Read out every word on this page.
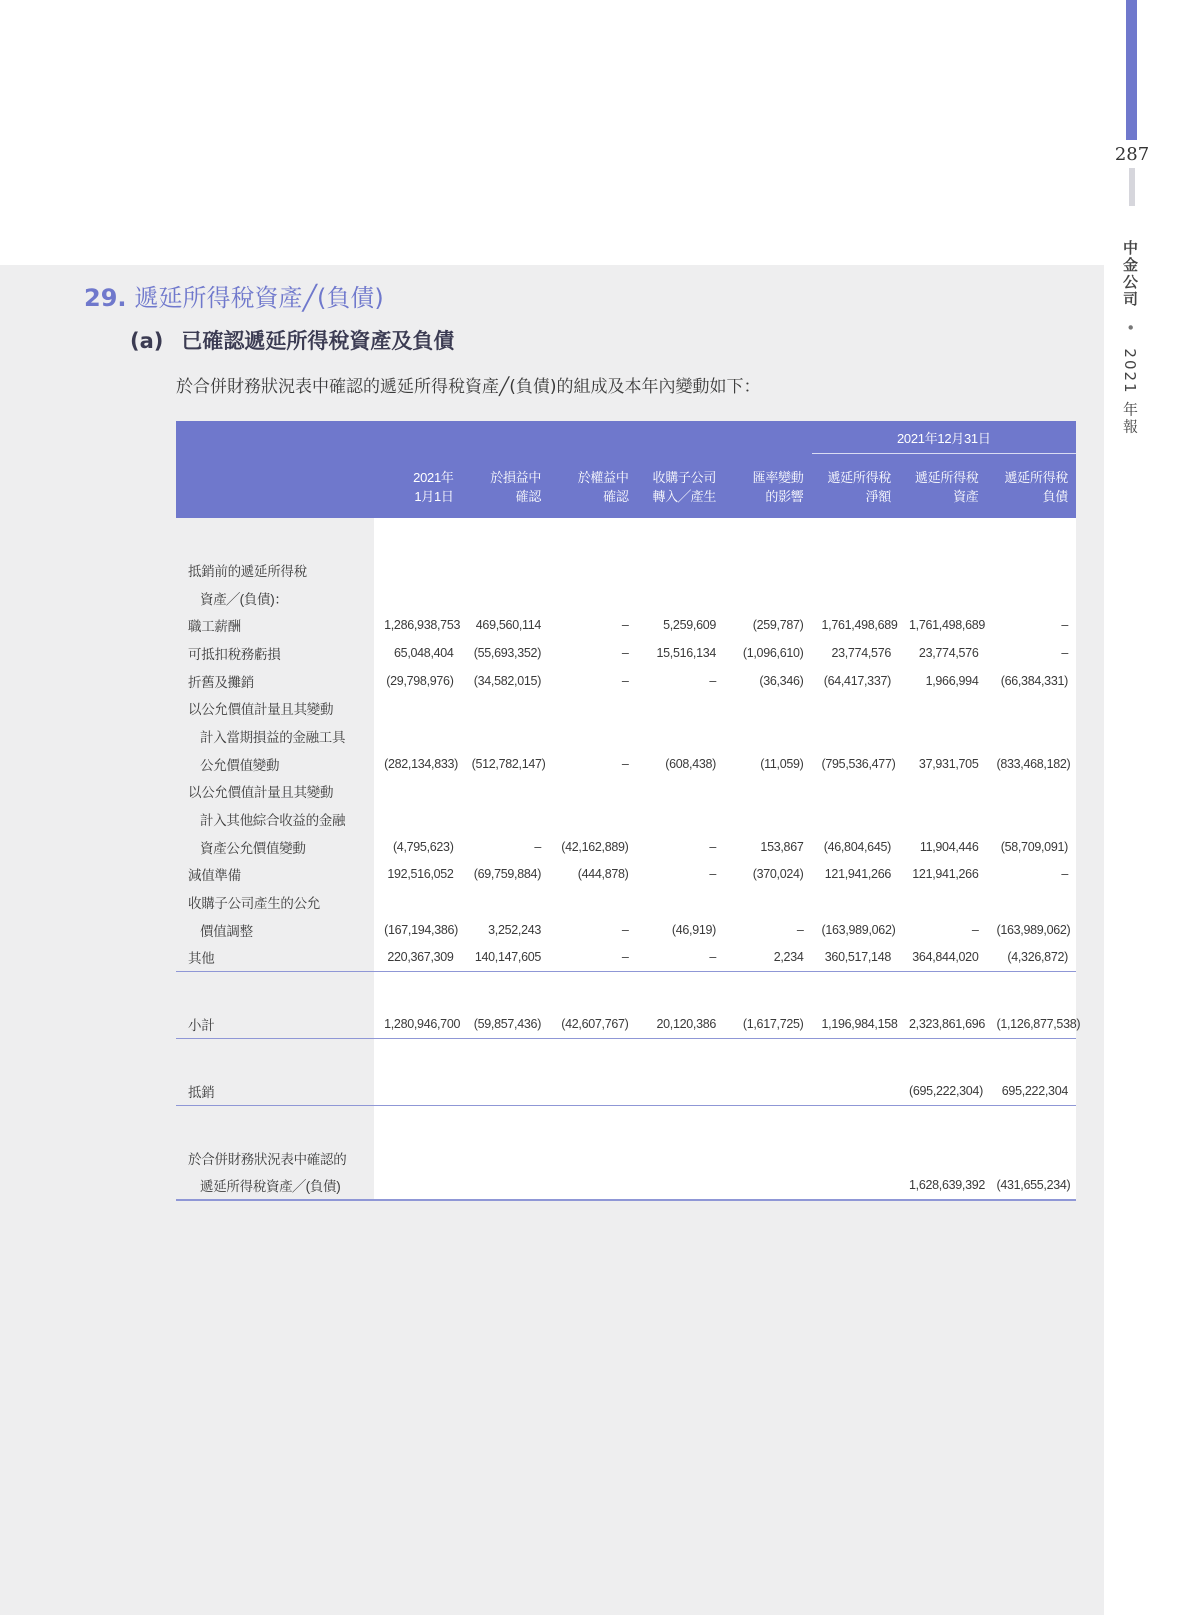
287
中金公司 • 2021 年報
29. 遞延所得稅資產╱(負債)
(a) 已確認遞延所得稅資產及負債
於合併財務狀況表中確認的遞延所得稅資產╱(負債)的組成及本年內變動如下：
						2021年12月31日		
	2021年	於損益中	於權益中	收購子公司	匯率變動	遞延所得稅	遞延所得稅	遞延所得稅
	1月1日	確認	確認	轉入╱產生	的影響	淨額	資產	負債

抵銷前的遞延所得稅								
資產╱(負債)：								
職工薪酬	1,286,938,753	469,560,114	–	5,259,609	(259,787)	1,761,498,689	1,761,498,689	–
可抵扣稅務虧損	65,048,404	(55,693,352)	–	15,516,134	(1,096,610)	23,774,576	23,774,576	–
折舊及攤銷	(29,798,976)	(34,582,015)	–	–	(36,346)	(64,417,337)	1,966,994	(66,384,331)
以公允價值計量且其變動								
計入當期損益的金融工具								
公允價值變動	(282,134,833)	(512,782,147)	–	(608,438)	(11,059)	(795,536,477)	37,931,705	(833,468,182)
以公允價值計量且其變動								
計入其他綜合收益的金融								
資產公允價值變動	(4,795,623)	–	(42,162,889)	–	153,867	(46,804,645)	11,904,446	(58,709,091)
減值準備	192,516,052	(69,759,884)	(444,878)	–	(370,024)	121,941,266	121,941,266	–
收購子公司產生的公允								
價值調整	(167,194,386)	3,252,243	–	(46,919)	–	(163,989,062)	–	(163,989,062)
其他	220,367,309	140,147,605	–	–	2,234	360,517,148	364,844,020	(4,326,872)

小計	1,280,946,700	(59,857,436)	(42,607,767)	20,120,386	(1,617,725)	1,196,984,158	2,323,861,696	(1,126,877,538)

抵銷							(695,222,304)	695,222,304

於合併財務狀況表中確認的								
遞延所得稅資產╱(負債)							1,628,639,392	(431,655,234)
